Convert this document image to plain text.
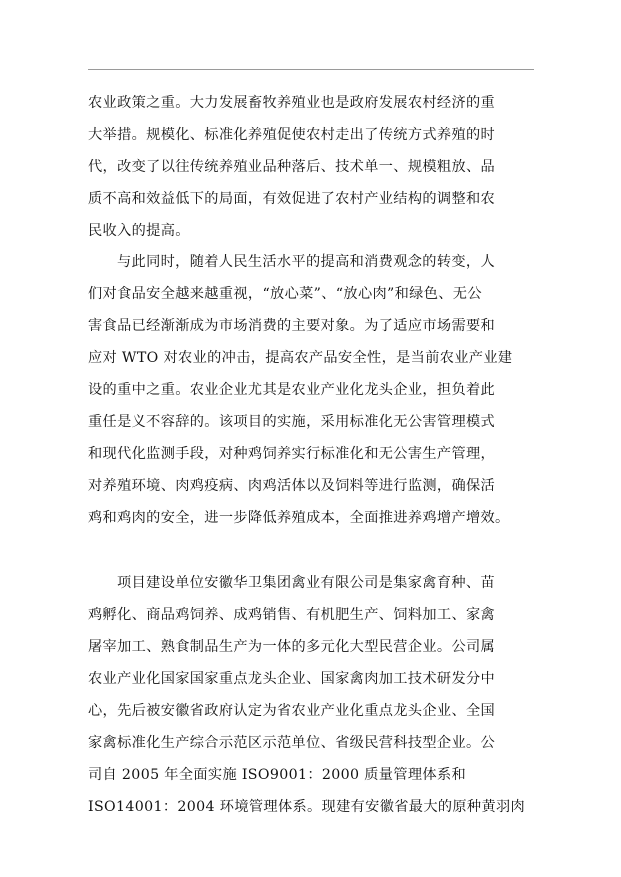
农业政策之重。大力发展畜牧养殖业也是政府发展农村经济的重
大举措。规模化、标准化养殖促使农村走出了传统方式养殖的时
代，改变了以往传统养殖业品种落后、技术单一、规模粗放、品
质不高和效益低下的局面，有效促进了农村产业结构的调整和农
民收入的提高。
与此同时，随着人民生活水平的提高和消费观念的转变，人
们对食品安全越来越重视，“放心菜”、“放心肉”和绿色、无公
害食品已经渐渐成为市场消费的主要对象。为了适应市场需要和
应对 WTO 对农业的冲击，提高农产品安全性，是当前农业产业建
设的重中之重。农业企业尤其是农业产业化龙头企业，担负着此
重任是义不容辞的。该项目的实施，采用标准化无公害管理模式
和现代化监测手段，对种鸡饲养实行标准化和无公害生产管理，
对养殖环境、肉鸡疫病、肉鸡活体以及饲料等进行监测，确保活
鸡和鸡肉的安全，进一步降低养殖成本，全面推进养鸡增产增效。
项目建设单位安徽华卫集团禽业有限公司是集家禽育种、苗
鸡孵化、商品鸡饲养、成鸡销售、有机肥生产、饲料加工、家禽
屠宰加工、熟食制品生产为一体的多元化大型民营企业。公司属
农业产业化国家国家重点龙头企业、国家禽肉加工技术研发分中
心，先后被安徽省政府认定为省农业产业化重点龙头企业、全国
家禽标准化生产综合示范区示范单位、省级民营科技型企业。公
司自 2005 年全面实施 ISO9001：2000 质量管理体系和
ISO14001：2004 环境管理体系。现建有安徽省最大的原种黄羽肉
